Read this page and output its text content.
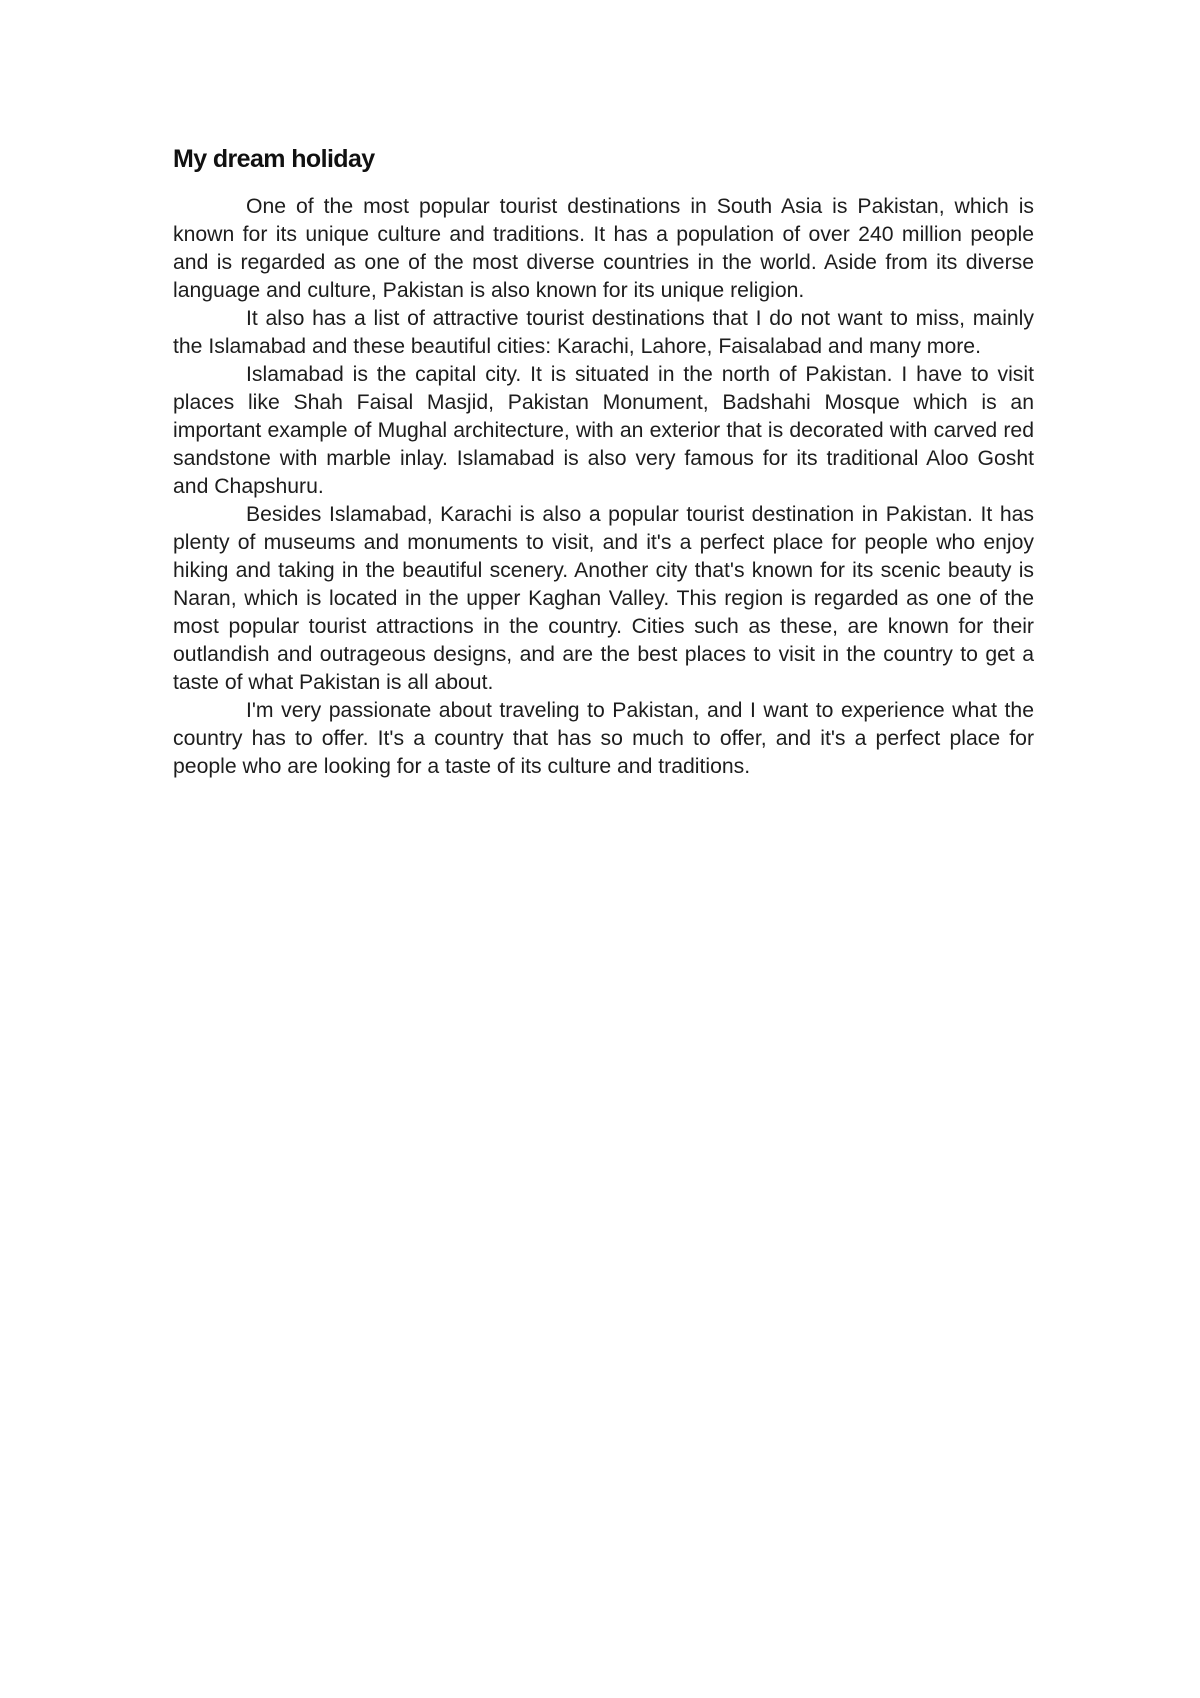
My dream holiday

One of the most popular tourist destinations in South Asia is Pakistan, which is known for its unique culture and traditions. It has a population of over 240 million people and is regarded as one of the most diverse countries in the world. Aside from its diverse language and culture, Pakistan is also known for its unique religion.

It also has a list of attractive tourist destinations that I do not want to miss, mainly the Islamabad and these beautiful cities: Karachi, Lahore, Faisalabad and many more.

Islamabad is the capital city. It is situated in the north of Pakistan. I have to visit places like Shah Faisal Masjid, Pakistan Monument, Badshahi Mosque which is an important example of Mughal architecture, with an exterior that is decorated with carved red sandstone with marble inlay. Islamabad is also very famous for its traditional Aloo Gosht and Chapshuru.

Besides Islamabad, Karachi is also a popular tourist destination in Pakistan. It has plenty of museums and monuments to visit, and it's a perfect place for people who enjoy hiking and taking in the beautiful scenery. Another city that's known for its scenic beauty is Naran, which is located in the upper Kaghan Valley. This region is regarded as one of the most popular tourist attractions in the country. Cities such as these, are known for their outlandish and outrageous designs, and are the best places to visit in the country to get a taste of what Pakistan is all about.

I'm very passionate about traveling to Pakistan, and I want to experience what the country has to offer. It's a country that has so much to offer, and it's a perfect place for people who are looking for a taste of its culture and traditions.
